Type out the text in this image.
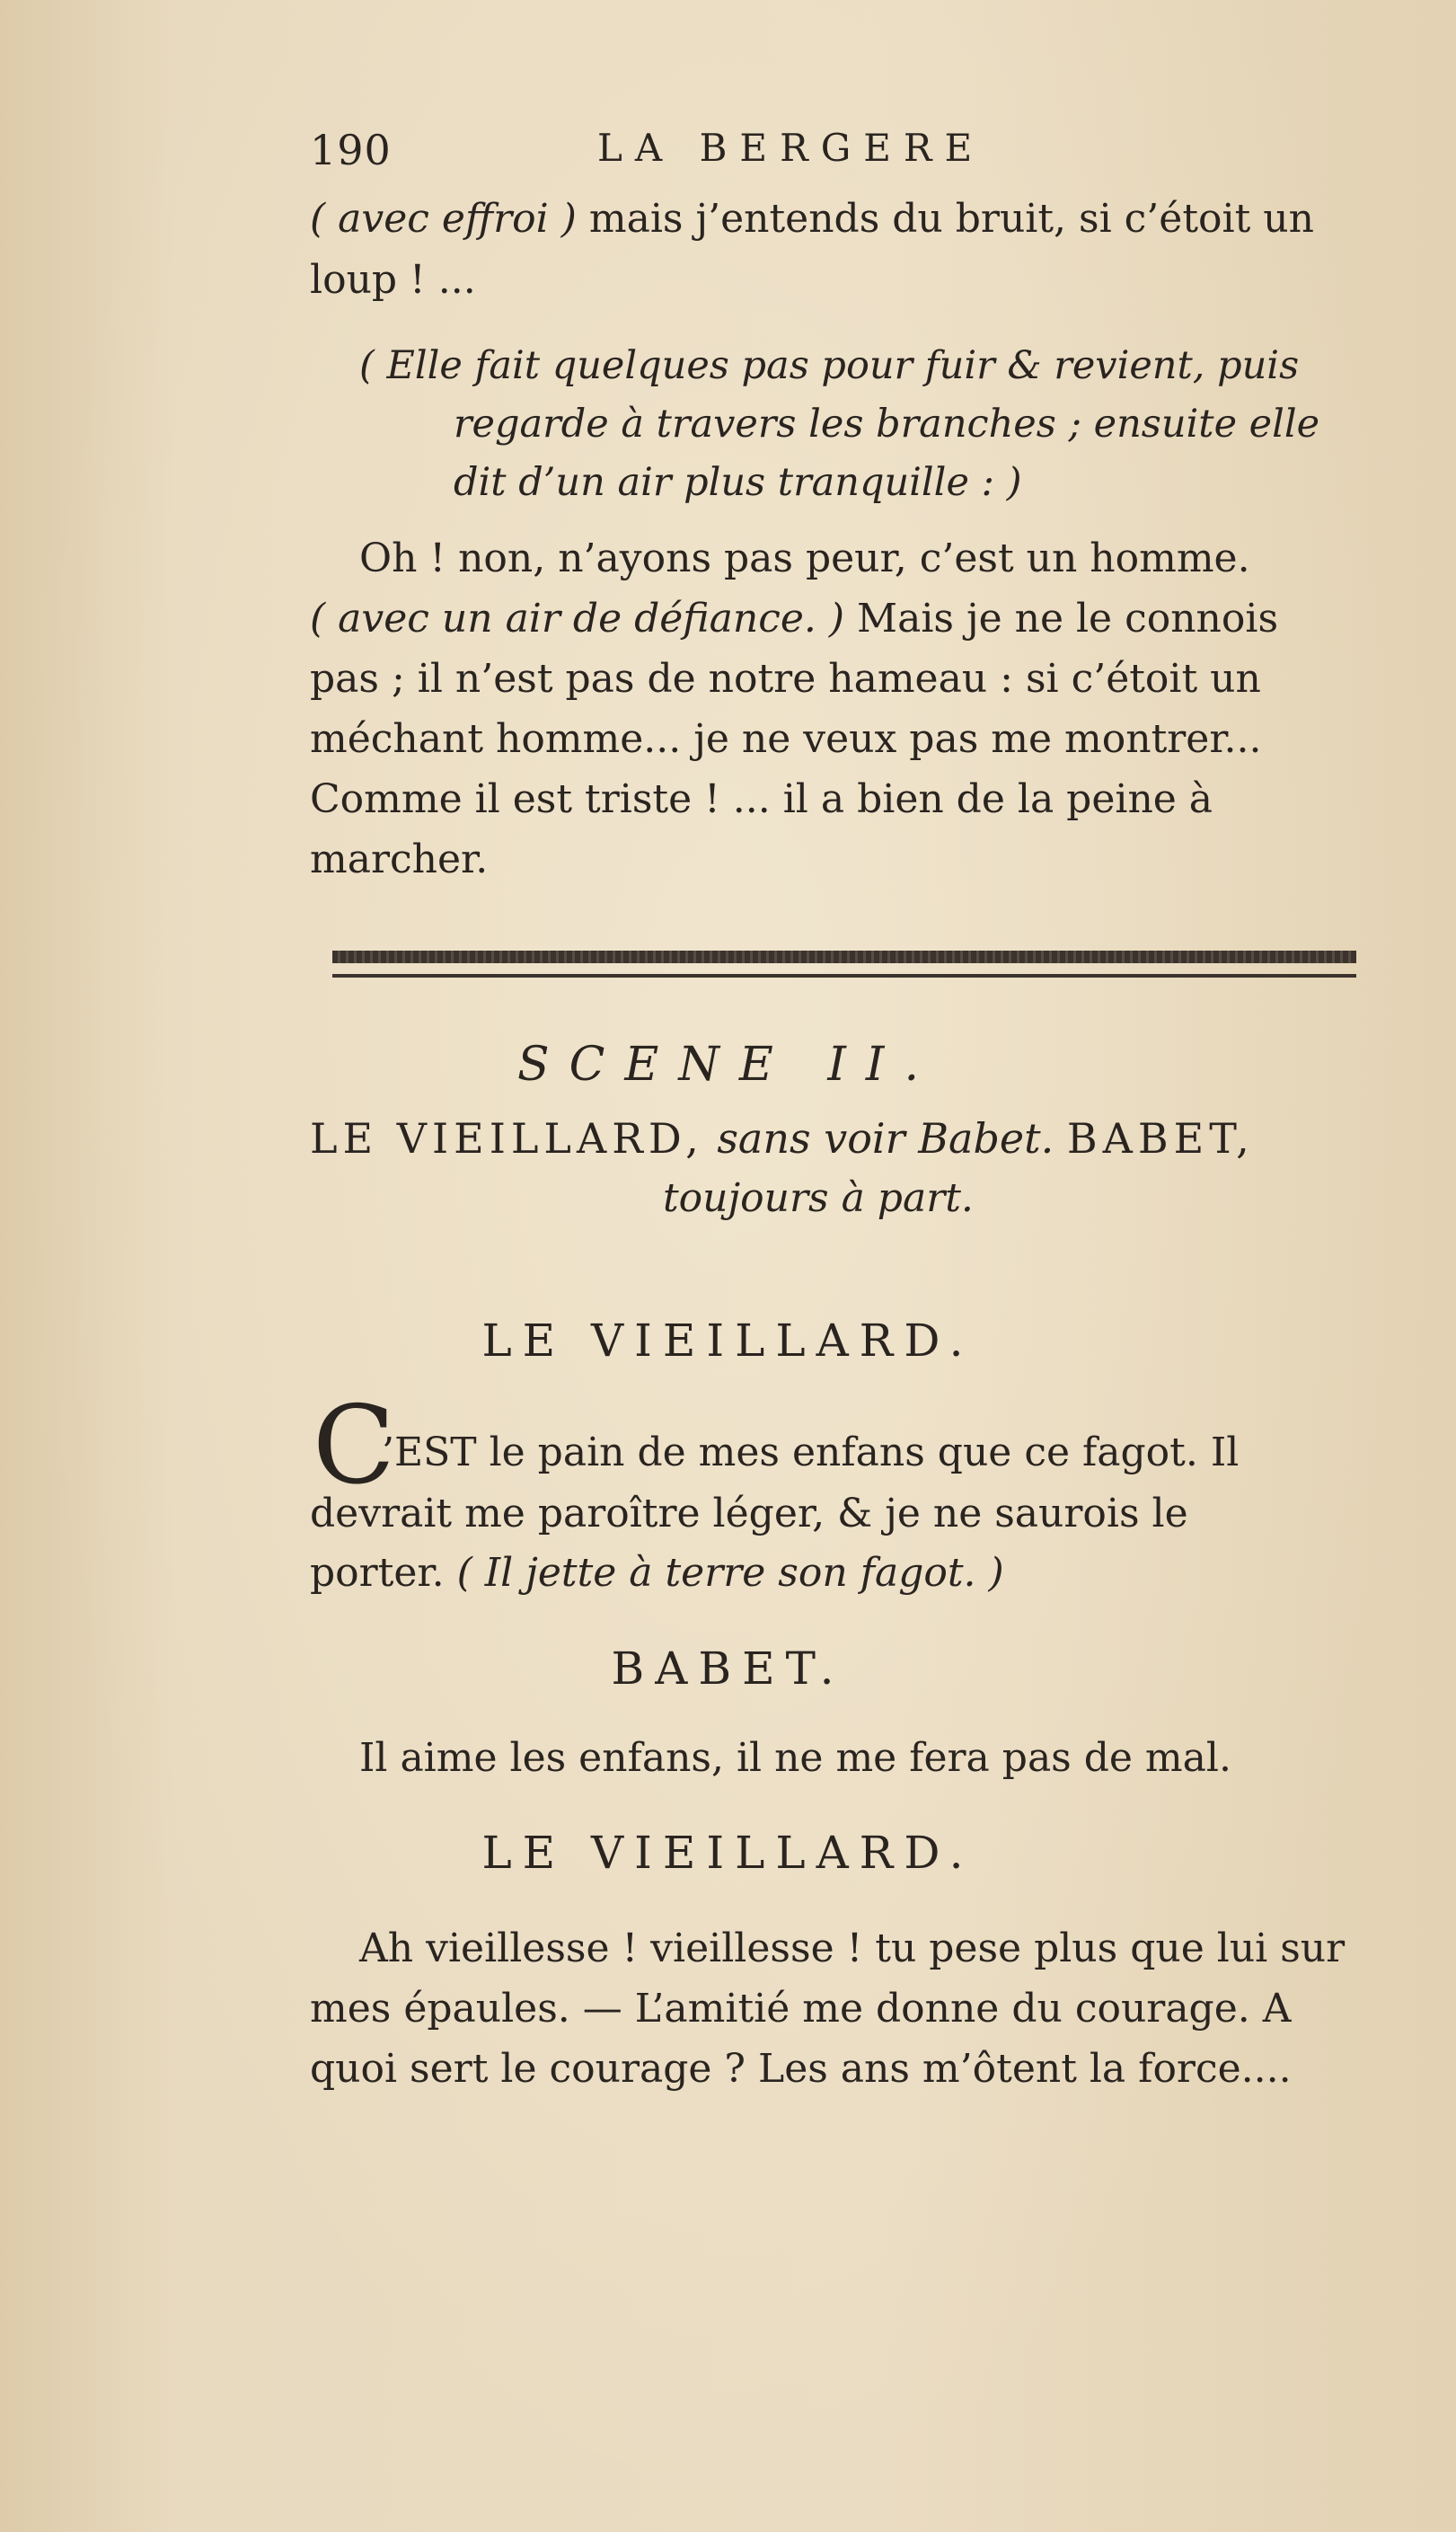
190	LA BERGERE
( avec effroi ) mais j’entends du bruit, si c’étoit un
loup ! ...
( Elle fait quelques pas pour fuir & revient, puis
regarde à travers les branches ; ensuite elle
dit d’un air plus tranquille : )
Oh ! non, n’ayons pas peur, c’est un homme.
( avec un air de défiance. ) Mais je ne le connois
pas ; il n’est pas de notre hameau : si c’étoit un
méchant homme... je ne veux pas me montrer...
Comme il est triste ! ... il a bien de la peine à
marcher.
SCENE II.
LE VIEILLARD, sans voir Babet. BABET,
toujours à part.
LE VIEILLARD.
C
’EST le pain de mes enfans que ce fagot. Il
devrait me paroître léger, & je ne saurois le
porter. ( Il jette à terre son fagot. )
BABET.
Il aime les enfans, il ne me fera pas de mal.
LE VIEILLARD.
Ah vieillesse ! vieillesse ! tu pese plus que lui sur
mes épaules. — L’amitié me donne du courage. A
quoi sert le courage ? Les ans m’ôtent la force....
